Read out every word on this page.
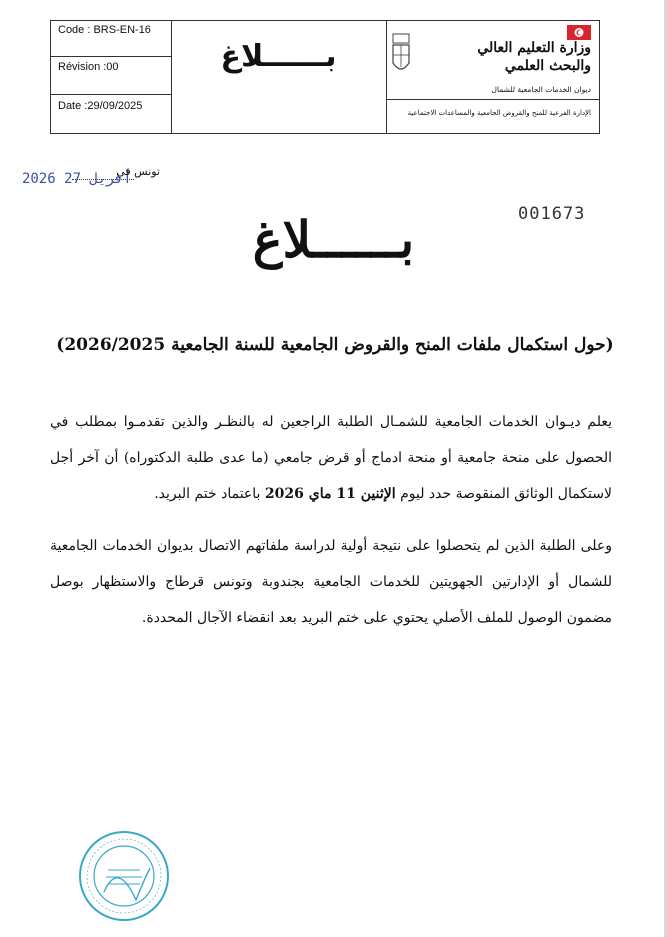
Code : BRS-EN-16
Révision :00
Date :29/09/2025
بــــــلاغ	وزارة التعليم العالي
والبحث العلمي
ديوان الخدمات الجامعية للشمال
الإدارة الفرعية للمنح والقروض الجامعية والمساعدات الاجتماعية
2026 أفريل 27
تونس في
001673
بــــــلاغ
(حول استكمال ملفات المنح والقروض الجامعية للسنة الجامعية 2026/2025)
يعلم ديـوان الخدمات الجامعية للشمـال الطلبة الراجعين له بالنظـر والذين تقدمـوا بمطلب في الحصول على منحة جامعية أو منحة ادماج أو قرض جامعي (ما عدى طلبة الدكتوراه) أن آخر أجل لاستكمال الوثائق المنقوصة حدد ليوم الإثنين 11 ماي 2026 باعتماد ختم البريد.
وعلى الطلبة الذين لم يتحصلوا على نتيجة أولية لدراسة ملفاتهم الاتصال بديوان الخدمات الجامعية للشمال أو الإدارتين الجهويتين للخدمات الجامعية بجندوبة وتونس قرطاج والاستظهار بوصل مضمون الوصول للملف الأصلي يحتوي على ختم البريد بعد انقضاء الآجال المحددة.
